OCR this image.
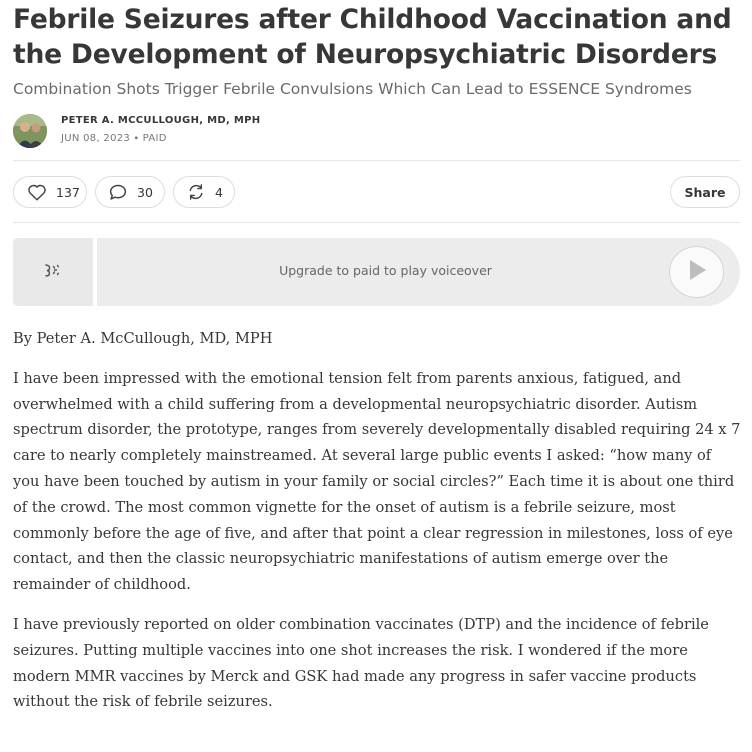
Febrile Seizures after Childhood Vaccination and the Development of Neuropsychiatric Disorders
Combination Shots Trigger Febrile Convulsions Which Can Lead to ESSENCE Syndromes
PETER A. MCCULLOUGH, MD, MPH
JUN 08, 2023 ∙ PAID
137	30	4	Share
Upgrade to paid to play voiceover

By Peter A. McCullough, MD, MPH

I have been impressed with the emotional tension felt from parents anxious, fatigued, and overwhelmed with a child suffering from a developmental neuropsychiatric disorder. Autism spectrum disorder, the prototype, ranges from severely developmentally disabled requiring 24 x 7 care to nearly completely mainstreamed. At several large public events I asked: “how many of you have been touched by autism in your family or social circles?” Each time it is about one third of the crowd. The most common vignette for the onset of autism is a febrile seizure, most commonly before the age of five, and after that point a clear regression in milestones, loss of eye contact, and then the classic neuropsychiatric manifestations of autism emerge over the remainder of childhood.

I have previously reported on older combination vaccinates (DTP) and the incidence of febrile seizures. Putting multiple vaccines into one shot increases the risk. I wondered if the more modern MMR vaccines by Merck and GSK had made any progress in safer vaccine products without the risk of febrile seizures.
